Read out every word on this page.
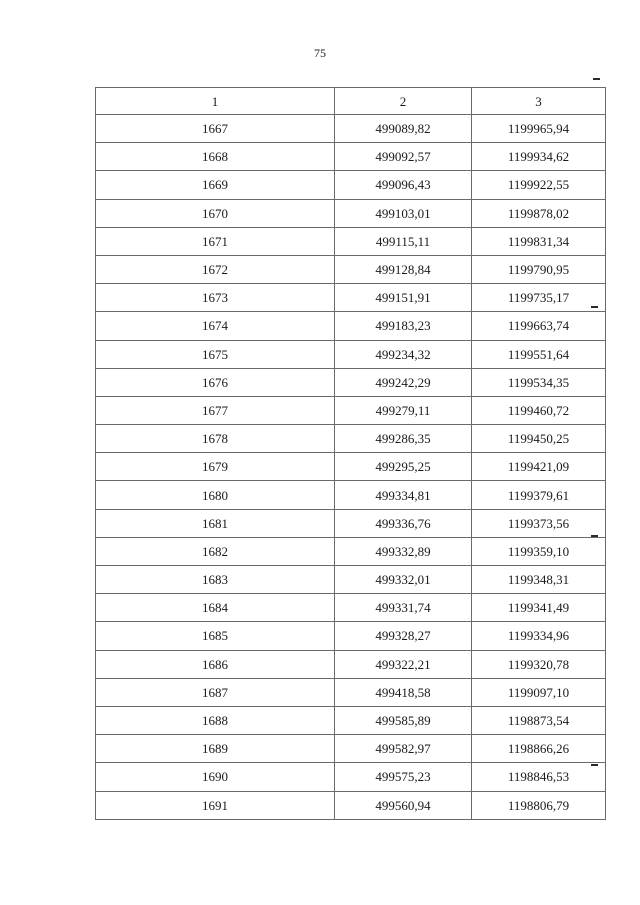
75
1	2	3
1667	499089,82	1199965,94
1668	499092,57	1199934,62
1669	499096,43	1199922,55
1670	499103,01	1199878,02
1671	499115,11	1199831,34
1672	499128,84	1199790,95
1673	499151,91	1199735,17
1674	499183,23	1199663,74
1675	499234,32	1199551,64
1676	499242,29	1199534,35
1677	499279,11	1199460,72
1678	499286,35	1199450,25
1679	499295,25	1199421,09
1680	499334,81	1199379,61
1681	499336,76	1199373,56
1682	499332,89	1199359,10
1683	499332,01	1199348,31
1684	499331,74	1199341,49
1685	499328,27	1199334,96
1686	499322,21	1199320,78
1687	499418,58	1199097,10
1688	499585,89	1198873,54
1689	499582,97	1198866,26
1690	499575,23	1198846,53
1691	499560,94	1198806,79
